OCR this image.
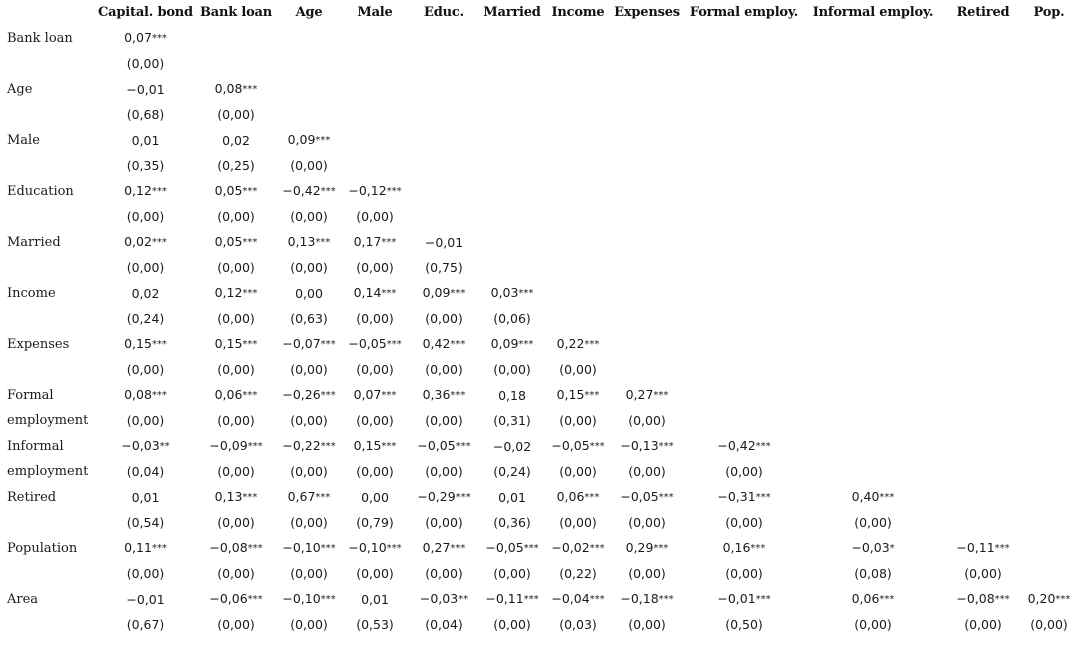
	Capital. bond	Bank loan	Age	Male	Educ.	Married	Income	Expenses	Formal employ.	Informal employ.	Retired	Pop.
Bank loan	0,07***											
	(0,00)											
Age	−0,01	0,08***										
	(0,68)	(0,00)										
Male	0,01	0,02	0,09***									
	(0,35)	(0,25)	(0,00)									
Education	0,12***	0,05***	−0,42***	−0,12***								
	(0,00)	(0,00)	(0,00)	(0,00)								
Married	0,02***	0,05***	0,13***	0,17***	−0,01							
	(0,00)	(0,00)	(0,00)	(0,00)	(0,75)							
Income	0,02	0,12***	0,00	0,14***	0,09***	0,03***						
	(0,24)	(0,00)	(0,63)	(0,00)	(0,00)	(0,06)						
Expenses	0,15***	0,15***	−0,07***	−0,05***	0,42***	0,09***	0,22***					
	(0,00)	(0,00)	(0,00)	(0,00)	(0,00)	(0,00)	(0,00)					
Formal	0,08***	0,06***	−0,26***	0,07***	0,36***	0,18	0,15***	0,27***				
employment	(0,00)	(0,00)	(0,00)	(0,00)	(0,00)	(0,31)	(0,00)	(0,00)				
Informal	−0,03**	−0,09***	−0,22***	0,15***	−0,05***	−0,02	−0,05***	−0,13***	−0,42***			
employment	(0,04)	(0,00)	(0,00)	(0,00)	(0,00)	(0,24)	(0,00)	(0,00)	(0,00)			
Retired	0,01	0,13***	0,67***	0,00	−0,29***	0,01	0,06***	−0,05***	−0,31***	0,40***		
	(0,54)	(0,00)	(0,00)	(0,79)	(0,00)	(0,36)	(0,00)	(0,00)	(0,00)	(0,00)		
Population	0,11***	−0,08***	−0,10***	−0,10***	0,27***	−0,05***	−0,02***	0,29***	0,16***	−0,03*	−0,11***	
	(0,00)	(0,00)	(0,00)	(0,00)	(0,00)	(0,00)	(0,22)	(0,00)	(0,00)	(0,08)	(0,00)	
Area	−0,01	−0,06***	−0,10***	0,01	−0,03**	−0,11***	−0,04***	−0,18***	−0,01***	0,06***	−0,08***	0,20***
	(0,67)	(0,00)	(0,00)	(0,53)	(0,04)	(0,00)	(0,03)	(0,00)	(0,50)	(0,00)	(0,00)	(0,00)
